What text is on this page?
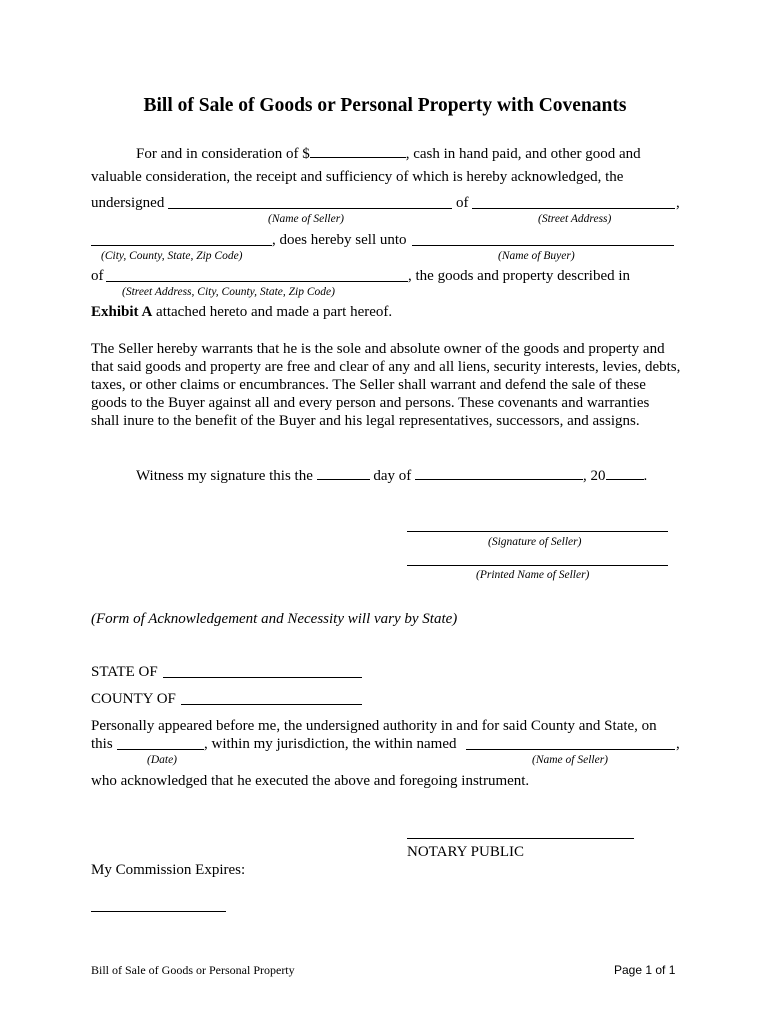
Bill of Sale of Goods or Personal Property with Covenants
For and in consideration of $	, cash in hand paid, and other good and
valuable consideration, the receipt and sufficiency of which is hereby acknowledged, the
undersigned	of	,
(Name of Seller)	(Street Address)
, does hereby sell unto
(City, County, State, Zip Code)	(Name of Buyer)
of	, the goods and property described in
(Street Address, City, County, State, Zip Code)
Exhibit A attached hereto and made a part hereof.
The Seller hereby warrants that he is the sole and absolute owner of the goods and property and that said goods and property are free and clear of any and all liens, security interests, levies, debts, taxes, or other claims or encumbrances. The Seller shall warrant and defend the sale of these goods to the Buyer against all and every person and persons. These covenants and warranties shall inure to the benefit of the Buyer and his legal representatives, successors, and assigns.
Witness my signature this the	day of	, 20	.
(Signature of Seller)
(Printed Name of Seller)
(Form of Acknowledgement and Necessity will vary by State)
STATE OF
COUNTY OF
Personally appeared before me, the undersigned authority in and for said County and State, on
this	, within my jurisdiction, the within named	,
(Date)	(Name of Seller)
who acknowledged that he executed the above and foregoing instrument.
NOTARY PUBLIC
My Commission Expires:
Bill of Sale of Goods or Personal Property	Page 1 of 1
